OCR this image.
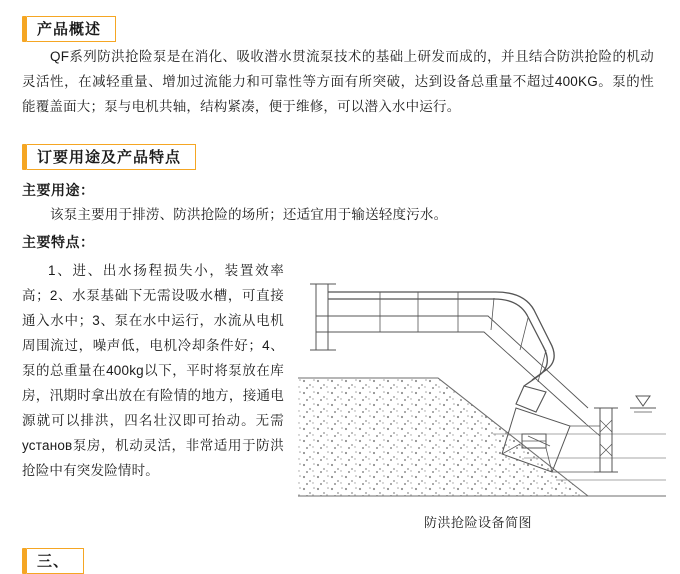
产品概述
QF系列防洪抢险泵是在消化、吸收潜水贯流泵技术的基础上研发而成的，并且结合防洪抢险的机动灵活性，在减轻重量、增加过流能力和可靠性等方面有所突破，达到设备总重量不超过400KG。泵的性能覆盖面大；泵与电机共轴，结构紧凑，便于维修，可以潜入水中运行。
订要用途及产品特点
主要用途：
该泵主要用于排涝、防洪抢险的场所；还适宜用于输送轻度污水。
主要特点：
1、进、出水扬程损失小，装置效率高；2、水泵基础下无需设吸水槽，可直接通入水中；3、泵在水中运行，水流从电机周围流过，噪声低，电机冷却条件好；4、泵的总重量在400kg以下，平时将泵放在库房，汛期时拿出放在有险情的地方，接通电源就可以排洪，四名壮汉即可抬动。无需установ泵房，机动灵活，非常适用于防洪抢险中有突发险情时。
防洪抢险设备简图
三、
